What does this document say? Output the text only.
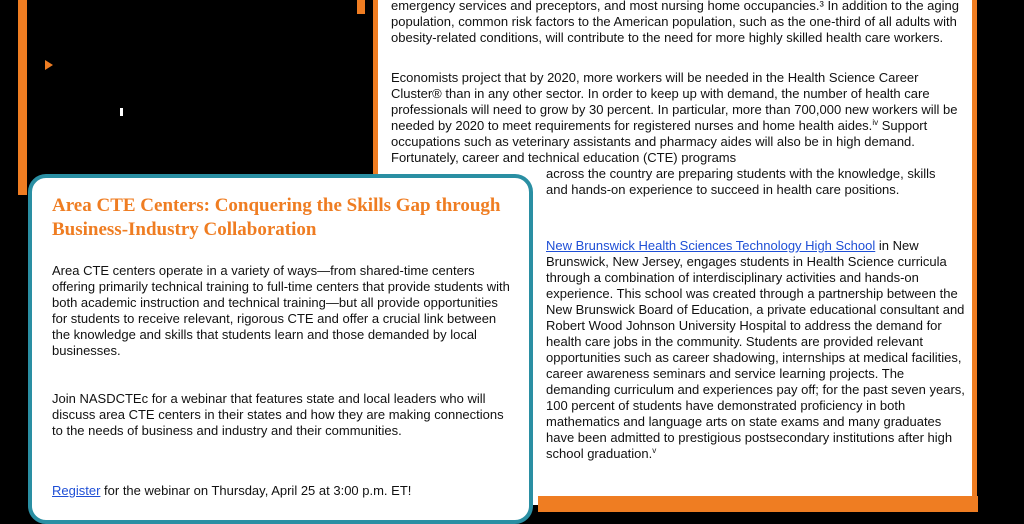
emergency services and preceptors, and most nursing home occupancies.³ In addition to the aging population, common risk factors to the American population, such as the one-third of all adults with obesity-related conditions, will contribute to the need for more highly skilled health care workers.

Economists project that by 2020, more workers will be needed in the Health Science Career Cluster® than in any other sector. In order to keep up with demand, the number of health care professionals will need to grow by 30 percent. In particular, more than 700,000 new workers will be needed by 2020 to meet requirements for registered nurses and home health aides.$^{iv}$ Support occupations such as veterinary assistants and pharmacy aides will also be in high demand. Fortunately, career and technical education (CTE) programs

across the country are preparing students with the knowledge, skills and hands-on experience to succeed in health care positions.

New Brunswick Health Sciences Technology High School in New Brunswick, New Jersey, engages students in Health Science curricula through a combination of interdisciplinary activities and hands-on experience. This school was created through a partnership between the New Brunswick Board of Education, a private educational consultant and Robert Wood Johnson University Hospital to address the demand for health care jobs in the community. Students are provided relevant opportunities such as career shadowing, internships at medical facilities, career awareness seminars and service learning projects. The demanding curriculum and experiences pay off; for the past seven years, 100 percent of students have demonstrated proficiency in both mathematics and language arts on state exams and many graduates have been admitted to prestigious postsecondary institutions after high school graduation.$^v$

Area CTE Centers: Conquering the Skills Gap through Business-Industry Collaboration

Area CTE centers operate in a variety of ways—from shared-time centers offering primarily technical training to full-time centers that provide students with both academic instruction and technical training—but all provide opportunities for students to receive relevant, rigorous CTE and offer a crucial link between the knowledge and skills that students learn and those demanded by local businesses.

Join NASDCTEc for a webinar that features state and local leaders who will discuss area CTE centers in their states and how they are making connections to the needs of business and industry and their communities.

Register for the webinar on Thursday, April 25 at 3:00 p.m. ET!
